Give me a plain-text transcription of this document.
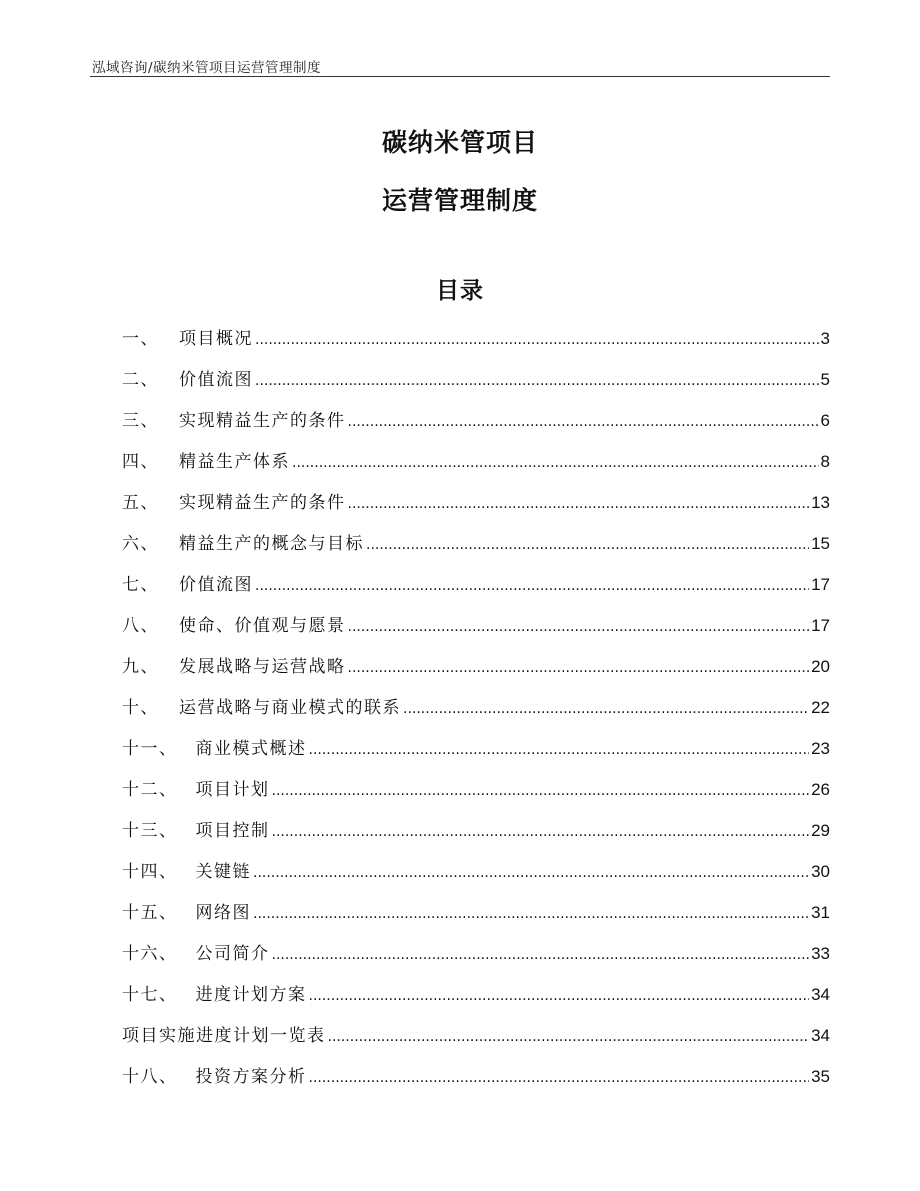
泓域咨询/碳纳米管项目运营管理制度
碳纳米管项目
运营管理制度
目录
一、 项目概况 .....	3
二、 价值流图 .....	5
三、 实现精益生产的条件 .....	6
四、 精益生产体系 .....	8
五、 实现精益生产的条件 .....	13
六、 精益生产的概念与目标 .....	15
七、 价值流图 .....	17
八、 使命、价值观与愿景 .....	17
九、 发展战略与运营战略 .....	20
十、 运营战略与商业模式的联系 .....	22
十一、 商业模式概述 .....	23
十二、 项目计划 .....	26
十三、 项目控制 .....	29
十四、 关键链 .....	30
十五、 网络图 .....	31
十六、 公司简介 .....	33
十七、 进度计划方案 .....	34
项目实施进度计划一览表 .....	34
十八、 投资方案分析 .....	35
